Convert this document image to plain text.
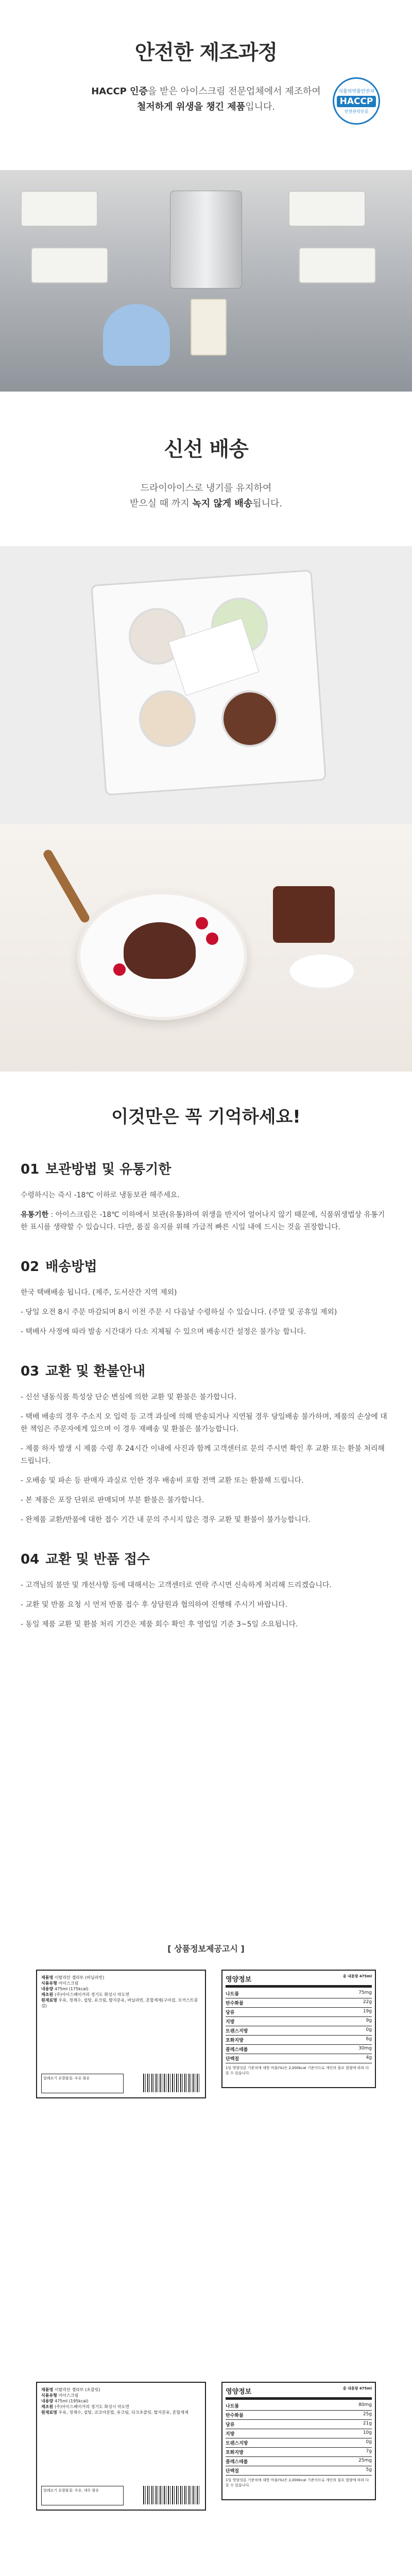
안전한 제조과정
HACCP 인증을 받은 아이스크림 전문업체에서 제조하여
철저하게 위생을 챙긴 제품입니다.
식품의약품안전처
HACCP
안전관리인증
신선 배송
드라이아이스로 냉기를 유지하여
받으실 때 까지 녹지 않게 배송됩니다.
이것만은 꼭 기억하세요!
01 보관방법 및 유통기한

수령하시는 즉시 -18℃ 이하로 냉동보관 해주세요.

유통기한 : 아이스크림은 -18℃ 이하에서 보관(유통)하여 위생을 반지어 얼어나지 않기 때문에, 식품위생법상 유통기한 표시를 생략할 수 있습니다. 다만, 품질 유지를 위해 가급적 빠른 시일 내에 드시는 것을 권장합니다.

02 배송방법

한국 택배배송 됩니다. (제주, 도서산간 지역 제외)

- 당일 오전 8시 주문 마감되며 8시 이전 주문 시 다음날 수령하실 수 있습니다. (주말 및 공휴일 제외)

- 택배사 사정에 따라 발송 시간대가 다소 지체될 수 있으며 배송시간 설정은 불가능 합니다.

03 교환 및 환불안내

- 신선 냉동식품 특성상 단순 변심에 의한 교환 및 환불은 불가합니다.

- 택배 배송의 경우 주소지 오 입력 등 고객 과실에 의해 반송되거나 지연될 경우 당일배송 불가하며, 제품의 손상에 대한 책임은 주문자에게 있으며 이 경우 재배송 및 환불은 불가능합니다.

- 제품 하자 발생 시 제품 수령 후 24시간 이내에 사진과 함께 고객센터로 문의 주시면 확인 후 교환 또는 환불 처리해 드립니다.

- 오배송 및 파손 등 판매자 과실로 인한 경우 배송비 포함 전액 교환 또는 환불해 드립니다.

- 본 제품은 포장 단위로 판매되며 부분 환불은 불가합니다.

- 완제품 교환/반품에 대한 접수 기간 내 문의 주시지 않은 경우 교환 및 환불이 불가능합니다.

04 교환 및 반품 접수

- 고객님의 불만 및 개선사항 등에 대해서는 고객센터로 연락 주시면 신속하게 처리해 드리겠습니다.

- 교환 및 반품 요청 시 먼저 반품 접수 후 상담원과 협의하여 진행해 주시기 바랍니다.

- 동일 제품 교환 및 환불 처리 기간은 제품 회수 확인 후 영업일 기준 3~5일 소요됩니다.

[ 상품정보제공고시 ]
제품명 이탈리안 젤라또 (바닐라빈)
식품유형 아이스크림
내용량 475ml (175kcal)
제조원 (주)아이스베이커리 경기도 화성시 마도면
원재료명 우유, 정제수, 설탕, 유크림, 탈지분유, 바닐라빈, 혼합제제(구아검, 로커스트콩검)
알레르기 유발물질: 우유 함유
영양정보	총 내용량 475ml
나트륨	75mg
탄수화물	22g
당류	19g
지방	9g
트랜스지방	0g
포화지방	6g
콜레스테롤	30mg
단백질	4g
1일 영양성분 기준치에 대한 비율(%)은 2,000kcal 기준이므로 개인의 필요 열량에 따라 다를 수 있습니다.
제품명 이탈리안 젤라또 (초콜릿)
식품유형 아이스크림
내용량 475ml (195kcal)
제조원 (주)아이스베이커리 경기도 화성시 마도면
원재료명 우유, 정제수, 설탕, 코코아분말, 유크림, 다크초콜릿, 탈지분유, 혼합제제
알레르기 유발물질: 우유, 대두 함유
영양정보	총 내용량 475ml
나트륨	80mg
탄수화물	25g
당류	21g
지방	10g
트랜스지방	0g
포화지방	7g
콜레스테롤	25mg
단백질	5g
1일 영양성분 기준치에 대한 비율(%)은 2,000kcal 기준이므로 개인의 필요 열량에 따라 다를 수 있습니다.
